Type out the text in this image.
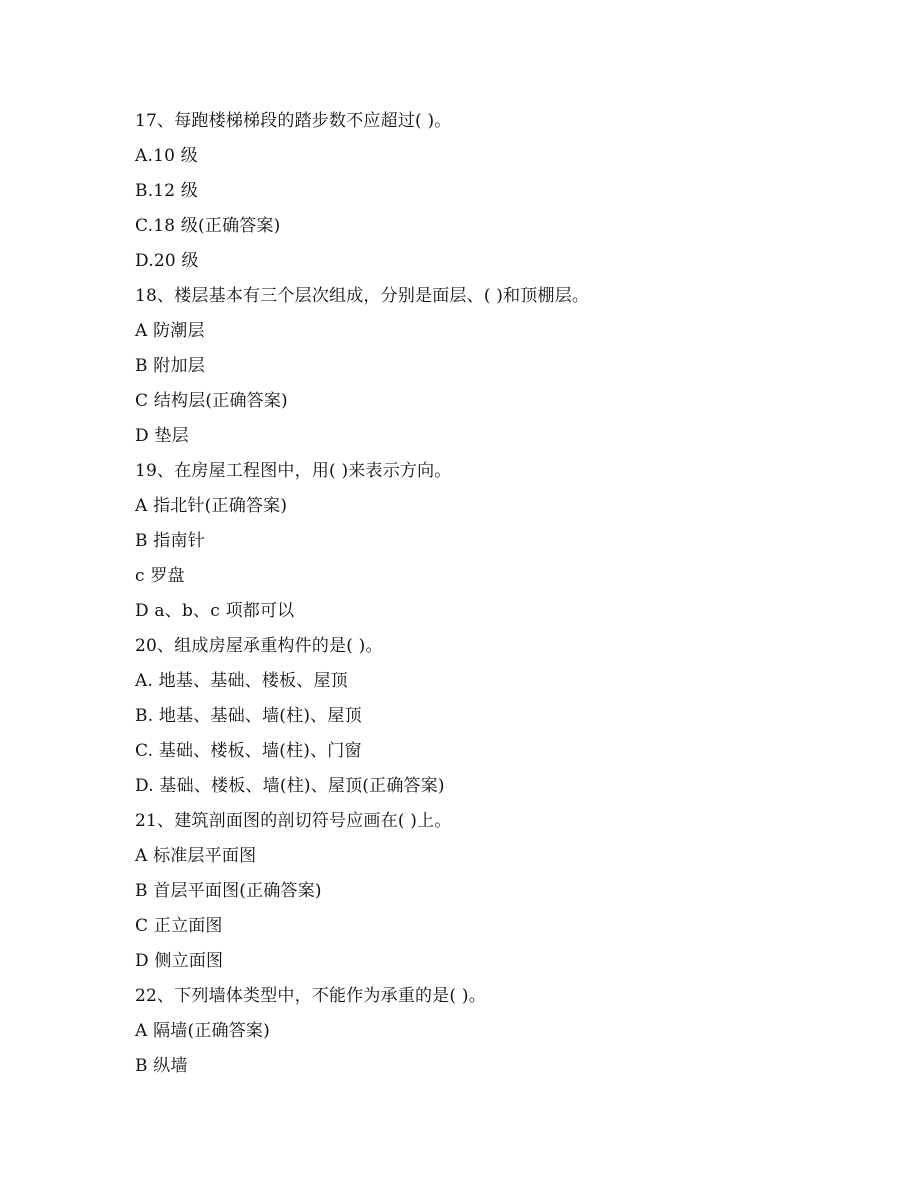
17、每跑楼梯梯段的踏步数不应超过( )。
A.10 级
B.12 级
C.18 级(正确答案)
D.20 级
18、楼层基本有三个层次组成，分别是面层、( )和顶棚层。
A 防潮层
B 附加层
C 结构层(正确答案)
D 垫层
19、在房屋工程图中，用( )来表示方向。
A 指北针(正确答案)
B 指南针
c 罗盘
D a、b、c 项都可以
20、组成房屋承重构件的是( )。
A. 地基、基础、楼板、屋顶
B. 地基、基础、墙(柱)、屋顶
C. 基础、楼板、墙(柱)、门窗
D. 基础、楼板、墙(柱)、屋顶(正确答案)
21、建筑剖面图的剖切符号应画在( )上。
A 标准层平面图
B 首层平面图(正确答案)
C 正立面图
D 侧立面图
22、下列墙体类型中，不能作为承重的是( )。
A 隔墙(正确答案)
B 纵墙
